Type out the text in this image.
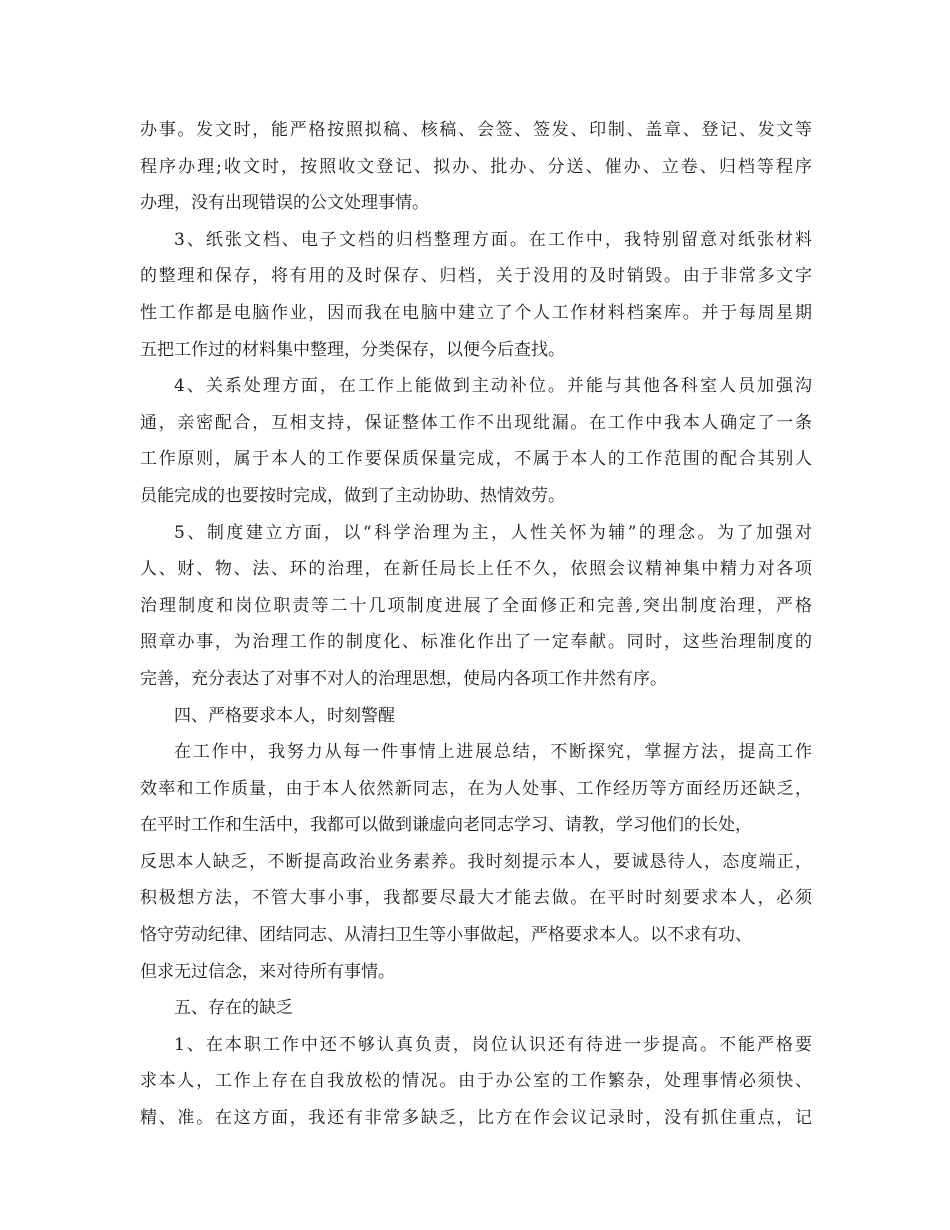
办事。发文时，能严格按照拟稿、核稿、会签、签发、印制、盖章、登记、发文等
程序办理;收文时，按照收文登记、拟办、批办、分送、催办、立卷、归档等程序
办理，没有出现错误的公文处理事情。
3、纸张文档、电子文档的归档整理方面。在工作中，我特别留意对纸张材料
的整理和保存，将有用的及时保存、归档，关于没用的及时销毁。由于非常多文字
性工作都是电脑作业，因而我在电脑中建立了个人工作材料档案库。并于每周星期
五把工作过的材料集中整理，分类保存，以便今后查找。
4、关系处理方面，在工作上能做到主动补位。并能与其他各科室人员加强沟
通，亲密配合，互相支持，保证整体工作不出现纰漏。在工作中我本人确定了一条
工作原则，属于本人的工作要保质保量完成，不属于本人的工作范围的配合其别人
员能完成的也要按时完成，做到了主动协助、热情效劳。
5、制度建立方面，以“科学治理为主，人性关怀为辅”的理念。为了加强对
人、财、物、法、环的治理，在新任局长上任不久，依照会议精神集中精力对各项
治理制度和岗位职责等二十几项制度进展了全面修正和完善,突出制度治理，严格
照章办事，为治理工作的制度化、标准化作出了一定奉献。同时，这些治理制度的
完善，充分表达了对事不对人的治理思想，使局内各项工作井然有序。
四、严格要求本人，时刻警醒
在工作中，我努力从每一件事情上进展总结，不断探究，掌握方法，提高工作
效率和工作质量，由于本人依然新同志，在为人处事、工作经历等方面经历还缺乏，
在平时工作和生活中，我都可以做到谦虚向老同志学习、请教，学习他们的长处，
反思本人缺乏，不断提高政治业务素养。我时刻提示本人，要诚恳待人，态度端正，
积极想方法，不管大事小事，我都要尽最大才能去做。在平时时刻要求本人，必须
恪守劳动纪律、团结同志、从清扫卫生等小事做起，严格要求本人。以不求有功、
但求无过信念，来对待所有事情。
五、存在的缺乏
1、在本职工作中还不够认真负责，岗位认识还有待进一步提高。不能严格要
求本人，工作上存在自我放松的情况。由于办公室的工作繁杂，处理事情必须快、
精、准。在这方面，我还有非常多缺乏，比方在作会议记录时，没有抓住重点，记
